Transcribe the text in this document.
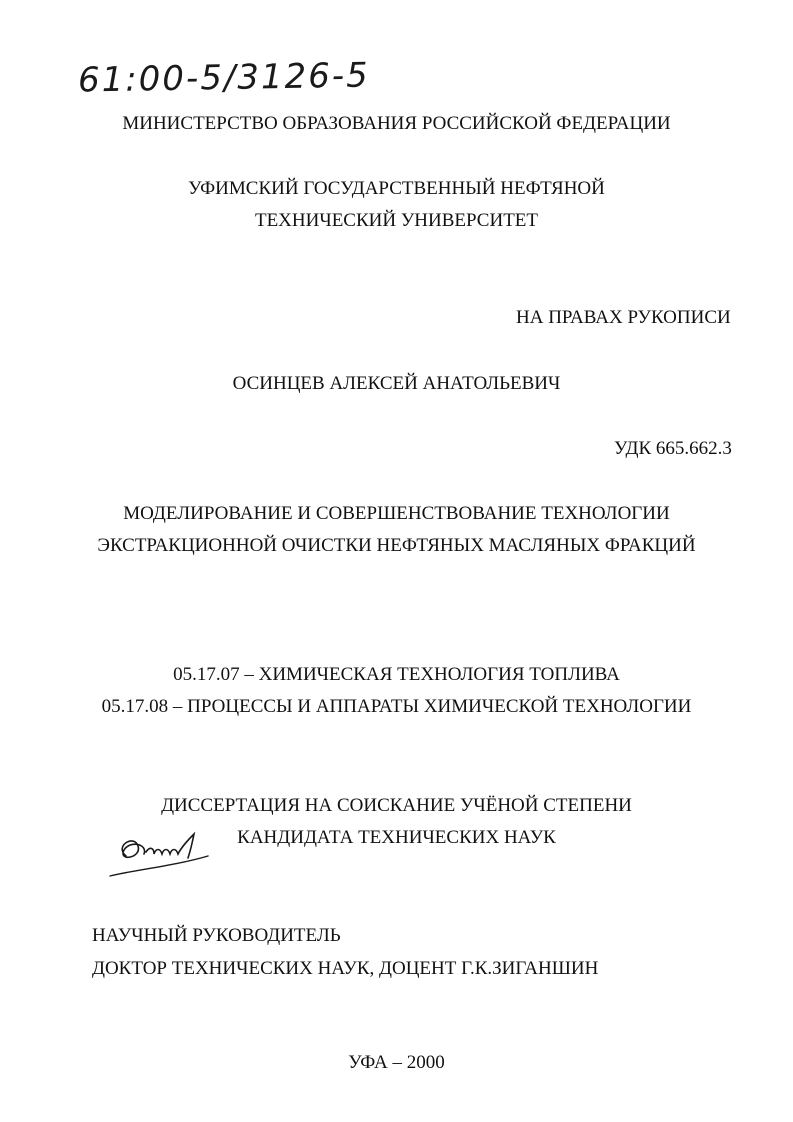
61:00-5/3126-5
МИНИСТЕРСТВО ОБРАЗОВАНИЯ РОССИЙСКОЙ ФЕДЕРАЦИИ
УФИМСКИЙ ГОСУДАРСТВЕННЫЙ НЕФТЯНОЙ
ТЕХНИЧЕСКИЙ УНИВЕРСИТЕТ
НА ПРАВАХ РУКОПИСИ
ОСИНЦЕВ АЛЕКСЕЙ АНАТОЛЬЕВИЧ
УДК 665.662.3
МОДЕЛИРОВАНИЕ И СОВЕРШЕНСТВОВАНИЕ ТЕХНОЛОГИИ
ЭКСТРАКЦИОННОЙ ОЧИСТКИ НЕФТЯНЫХ МАСЛЯНЫХ ФРАКЦИЙ
05.17.07 – ХИМИЧЕСКАЯ ТЕХНОЛОГИЯ ТОПЛИВА
05.17.08 – ПРОЦЕССЫ И АППАРАТЫ ХИМИЧЕСКОЙ ТЕХНОЛОГИИ
ДИССЕРТАЦИЯ НА СОИСКАНИЕ УЧЁНОЙ СТЕПЕНИ
КАНДИДАТА ТЕХНИЧЕСКИХ НАУК
НАУЧНЫЙ РУКОВОДИТЕЛЬ
ДОКТОР ТЕХНИЧЕСКИХ НАУК, ДОЦЕНТ Г.К.ЗИГАНШИН
УФА – 2000
